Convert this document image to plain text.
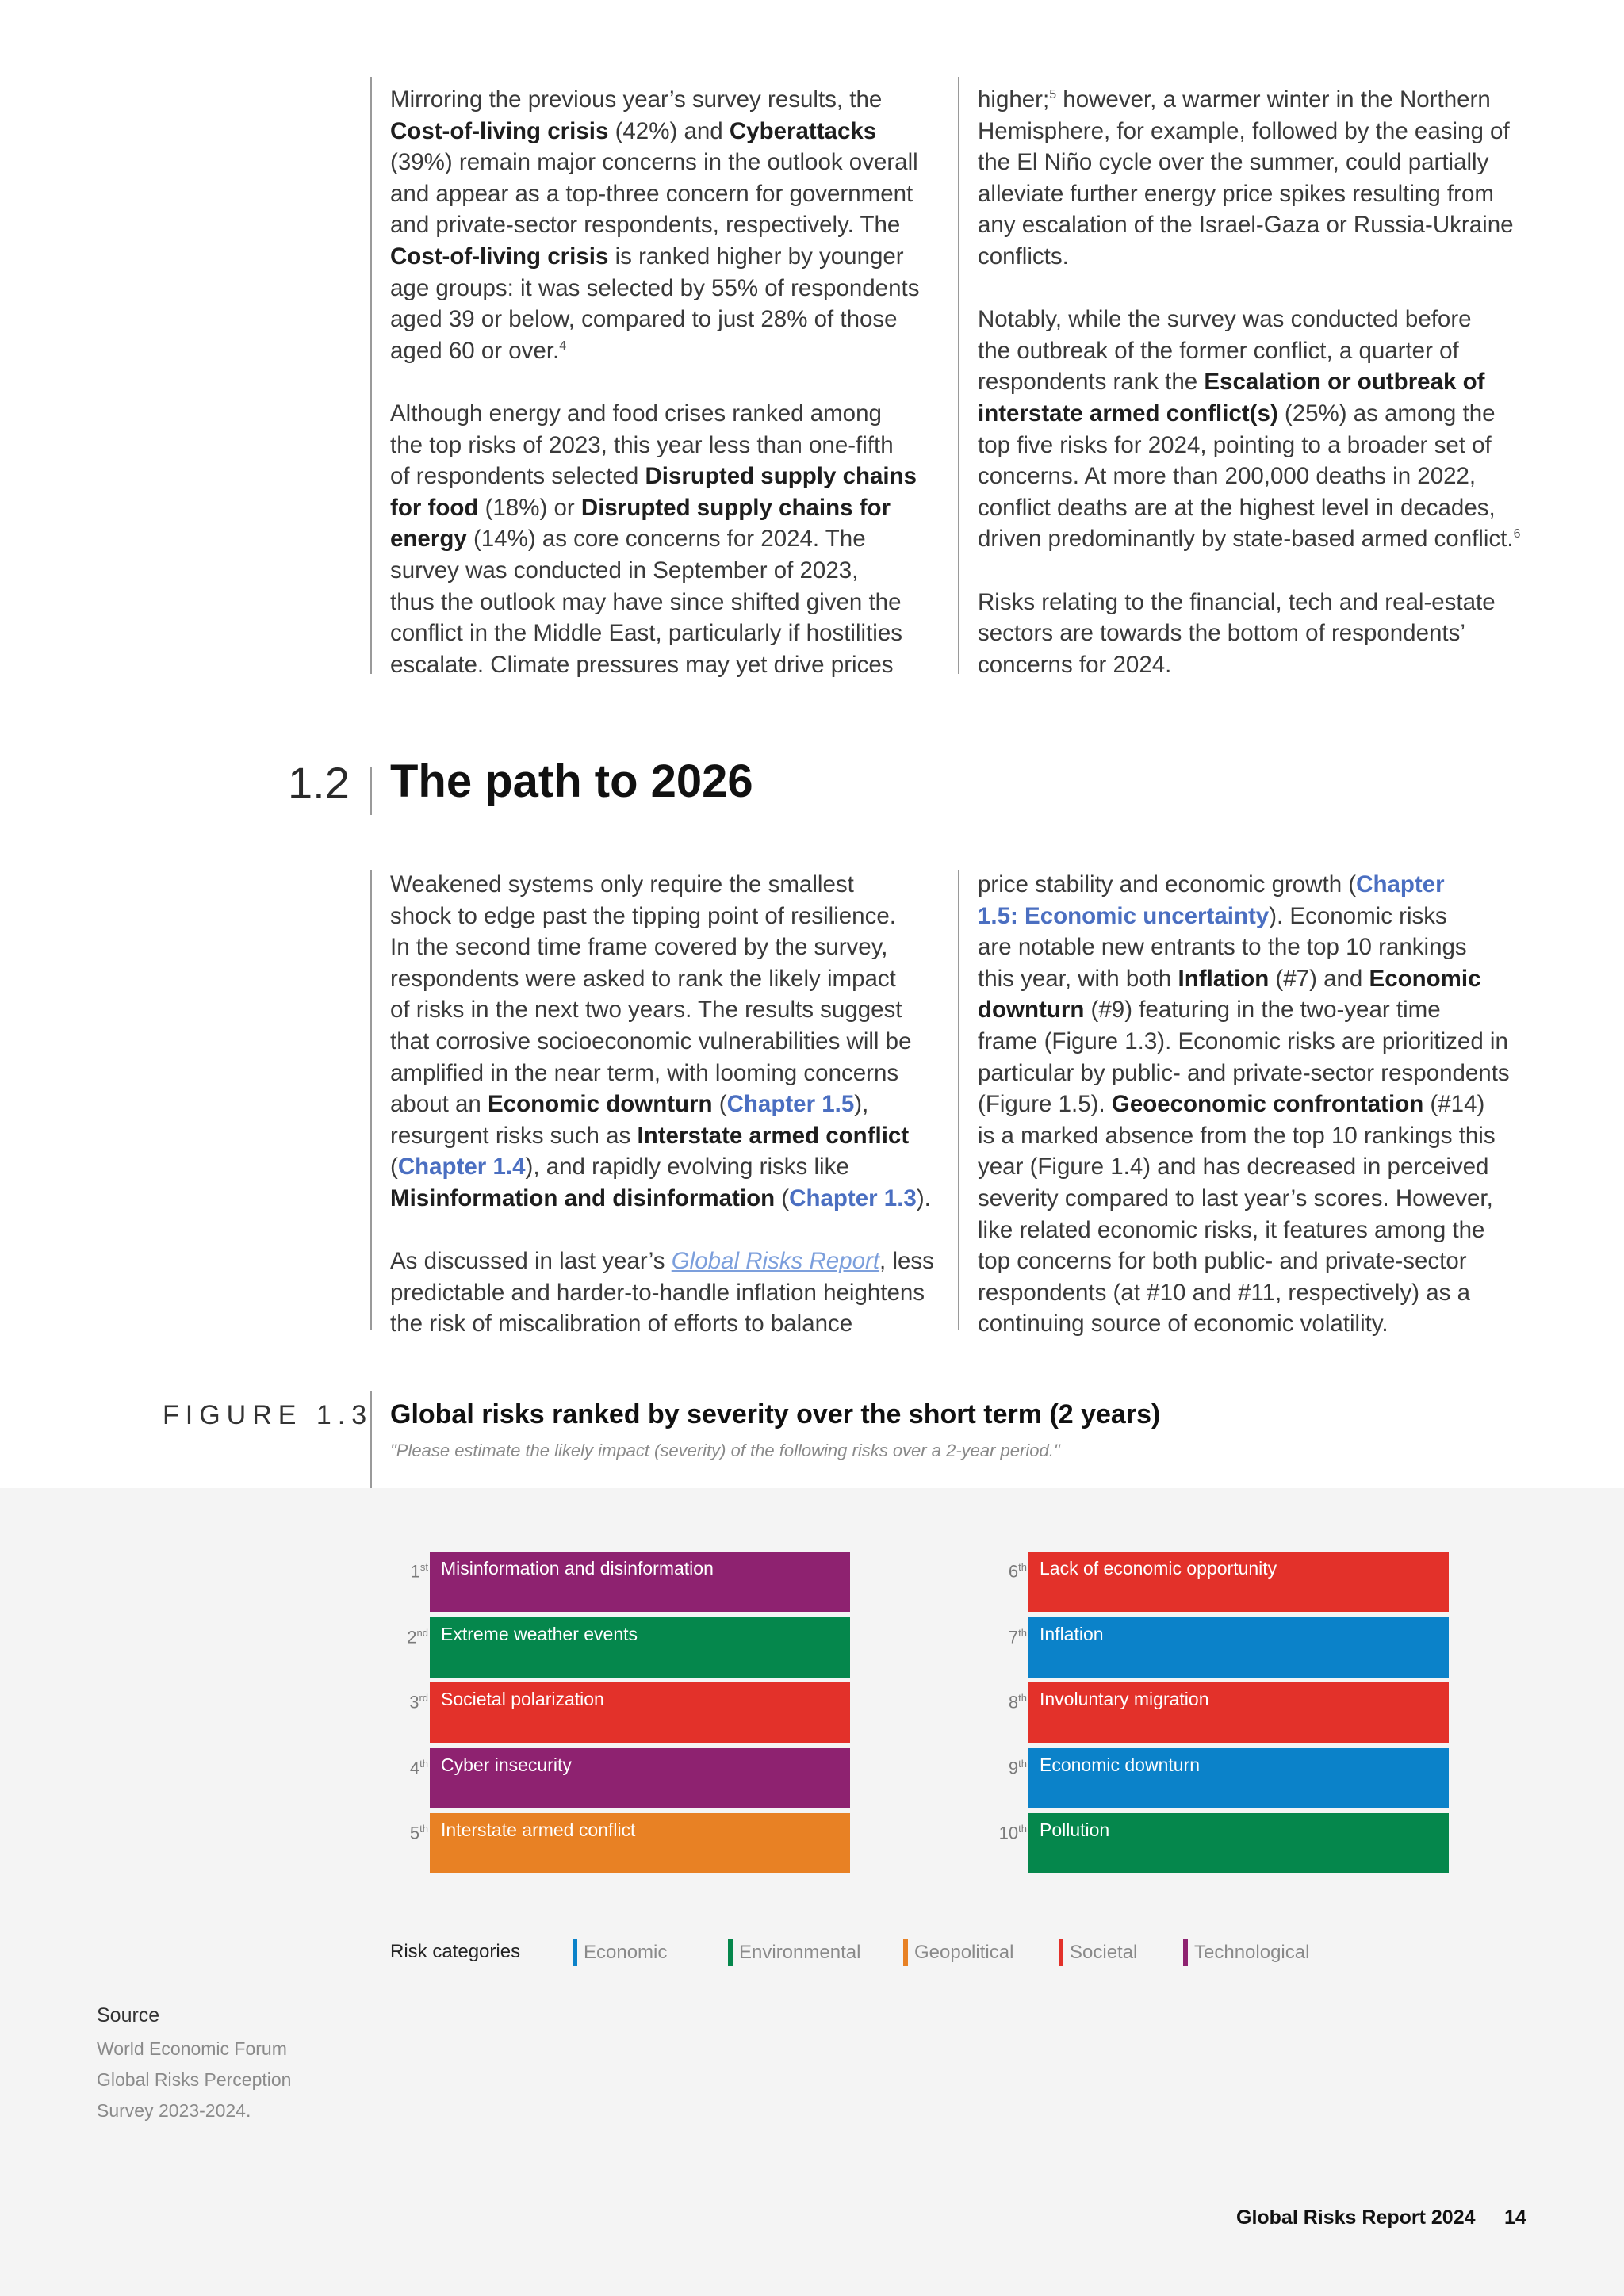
Mirroring the previous year’s survey results, the
Cost-of-living crisis (42%) and Cyberattacks
(39%) remain major concerns in the outlook overall
and appear as a top-three concern for government
and private-sector respondents, respectively. The
Cost-of-living crisis is ranked higher by younger
age groups: it was selected by 55% of respondents
aged 39 or below, compared to just 28% of those
aged 60 or over.$^4$

Although energy and food crises ranked among
the top risks of 2023, this year less than one-fifth
of respondents selected Disrupted supply chains
for food (18%) or Disrupted supply chains for
energy (14%) as core concerns for 2024. The
survey was conducted in September of 2023,
thus the outlook may have since shifted given the
conflict in the Middle East, particularly if hostilities
escalate. Climate pressures may yet drive prices

higher;$^5$ however, a warmer winter in the Northern
Hemisphere, for example, followed by the easing of
the El Niño cycle over the summer, could partially
alleviate further energy price spikes resulting from
any escalation of the Israel-Gaza or Russia-Ukraine
conflicts.

Notably, while the survey was conducted before
the outbreak of the former conflict, a quarter of
respondents rank the Escalation or outbreak of
interstate armed conflict(s) (25%) as among the
top five risks for 2024, pointing to a broader set of
concerns. At more than 200,000 deaths in 2022,
conflict deaths are at the highest level in decades,
driven predominantly by state-based armed conflict.$^6$

Risks relating to the financial, tech and real-estate
sectors are towards the bottom of respondents’
concerns for 2024.

1.2 The path to 2026

Weakened systems only require the smallest
shock to edge past the tipping point of resilience.
In the second time frame covered by the survey,
respondents were asked to rank the likely impact
of risks in the next two years. The results suggest
that corrosive socioeconomic vulnerabilities will be
amplified in the near term, with looming concerns
about an Economic downturn (Chapter 1.5),
resurgent risks such as Interstate armed conflict
(Chapter 1.4), and rapidly evolving risks like
Misinformation and disinformation (Chapter 1.3).

As discussed in last year’s Global Risks Report, less
predictable and harder-to-handle inflation heightens
the risk of miscalibration of efforts to balance

price stability and economic growth (Chapter
1.5: Economic uncertainty). Economic risks
are notable new entrants to the top 10 rankings
this year, with both Inflation (#7) and Economic
downturn (#9) featuring in the two-year time
frame (Figure 1.3). Economic risks are prioritized in
particular by public- and private-sector respondents
(Figure 1.5). Geoeconomic confrontation (#14)
is a marked absence from the top 10 rankings this
year (Figure 1.4) and has decreased in perceived
severity compared to last year’s scores. However,
like related economic risks, it features among the
top concerns for both public- and private-sector
respondents (at #10 and #11, respectively) as a
continuing source of economic volatility.

FIGURE 1.3 Global risks ranked by severity over the short term (2 years)
"Please estimate the likely impact (severity) of the following risks over a 2-year period."
1st Misinformation and disinformation
2nd Extreme weather events
3rd Societal polarization
4th Cyber insecurity
5th Interstate armed conflict
6th Lack of economic opportunity
7th Inflation
8th Involuntary migration
9th Economic downturn
10th Pollution
Risk categories	Economic	Environmental	Geopolitical	Societal	Technological
Source
World Economic Forum Global Risks Perception Survey 2023-2024.
Global Risks Report 2024 14
